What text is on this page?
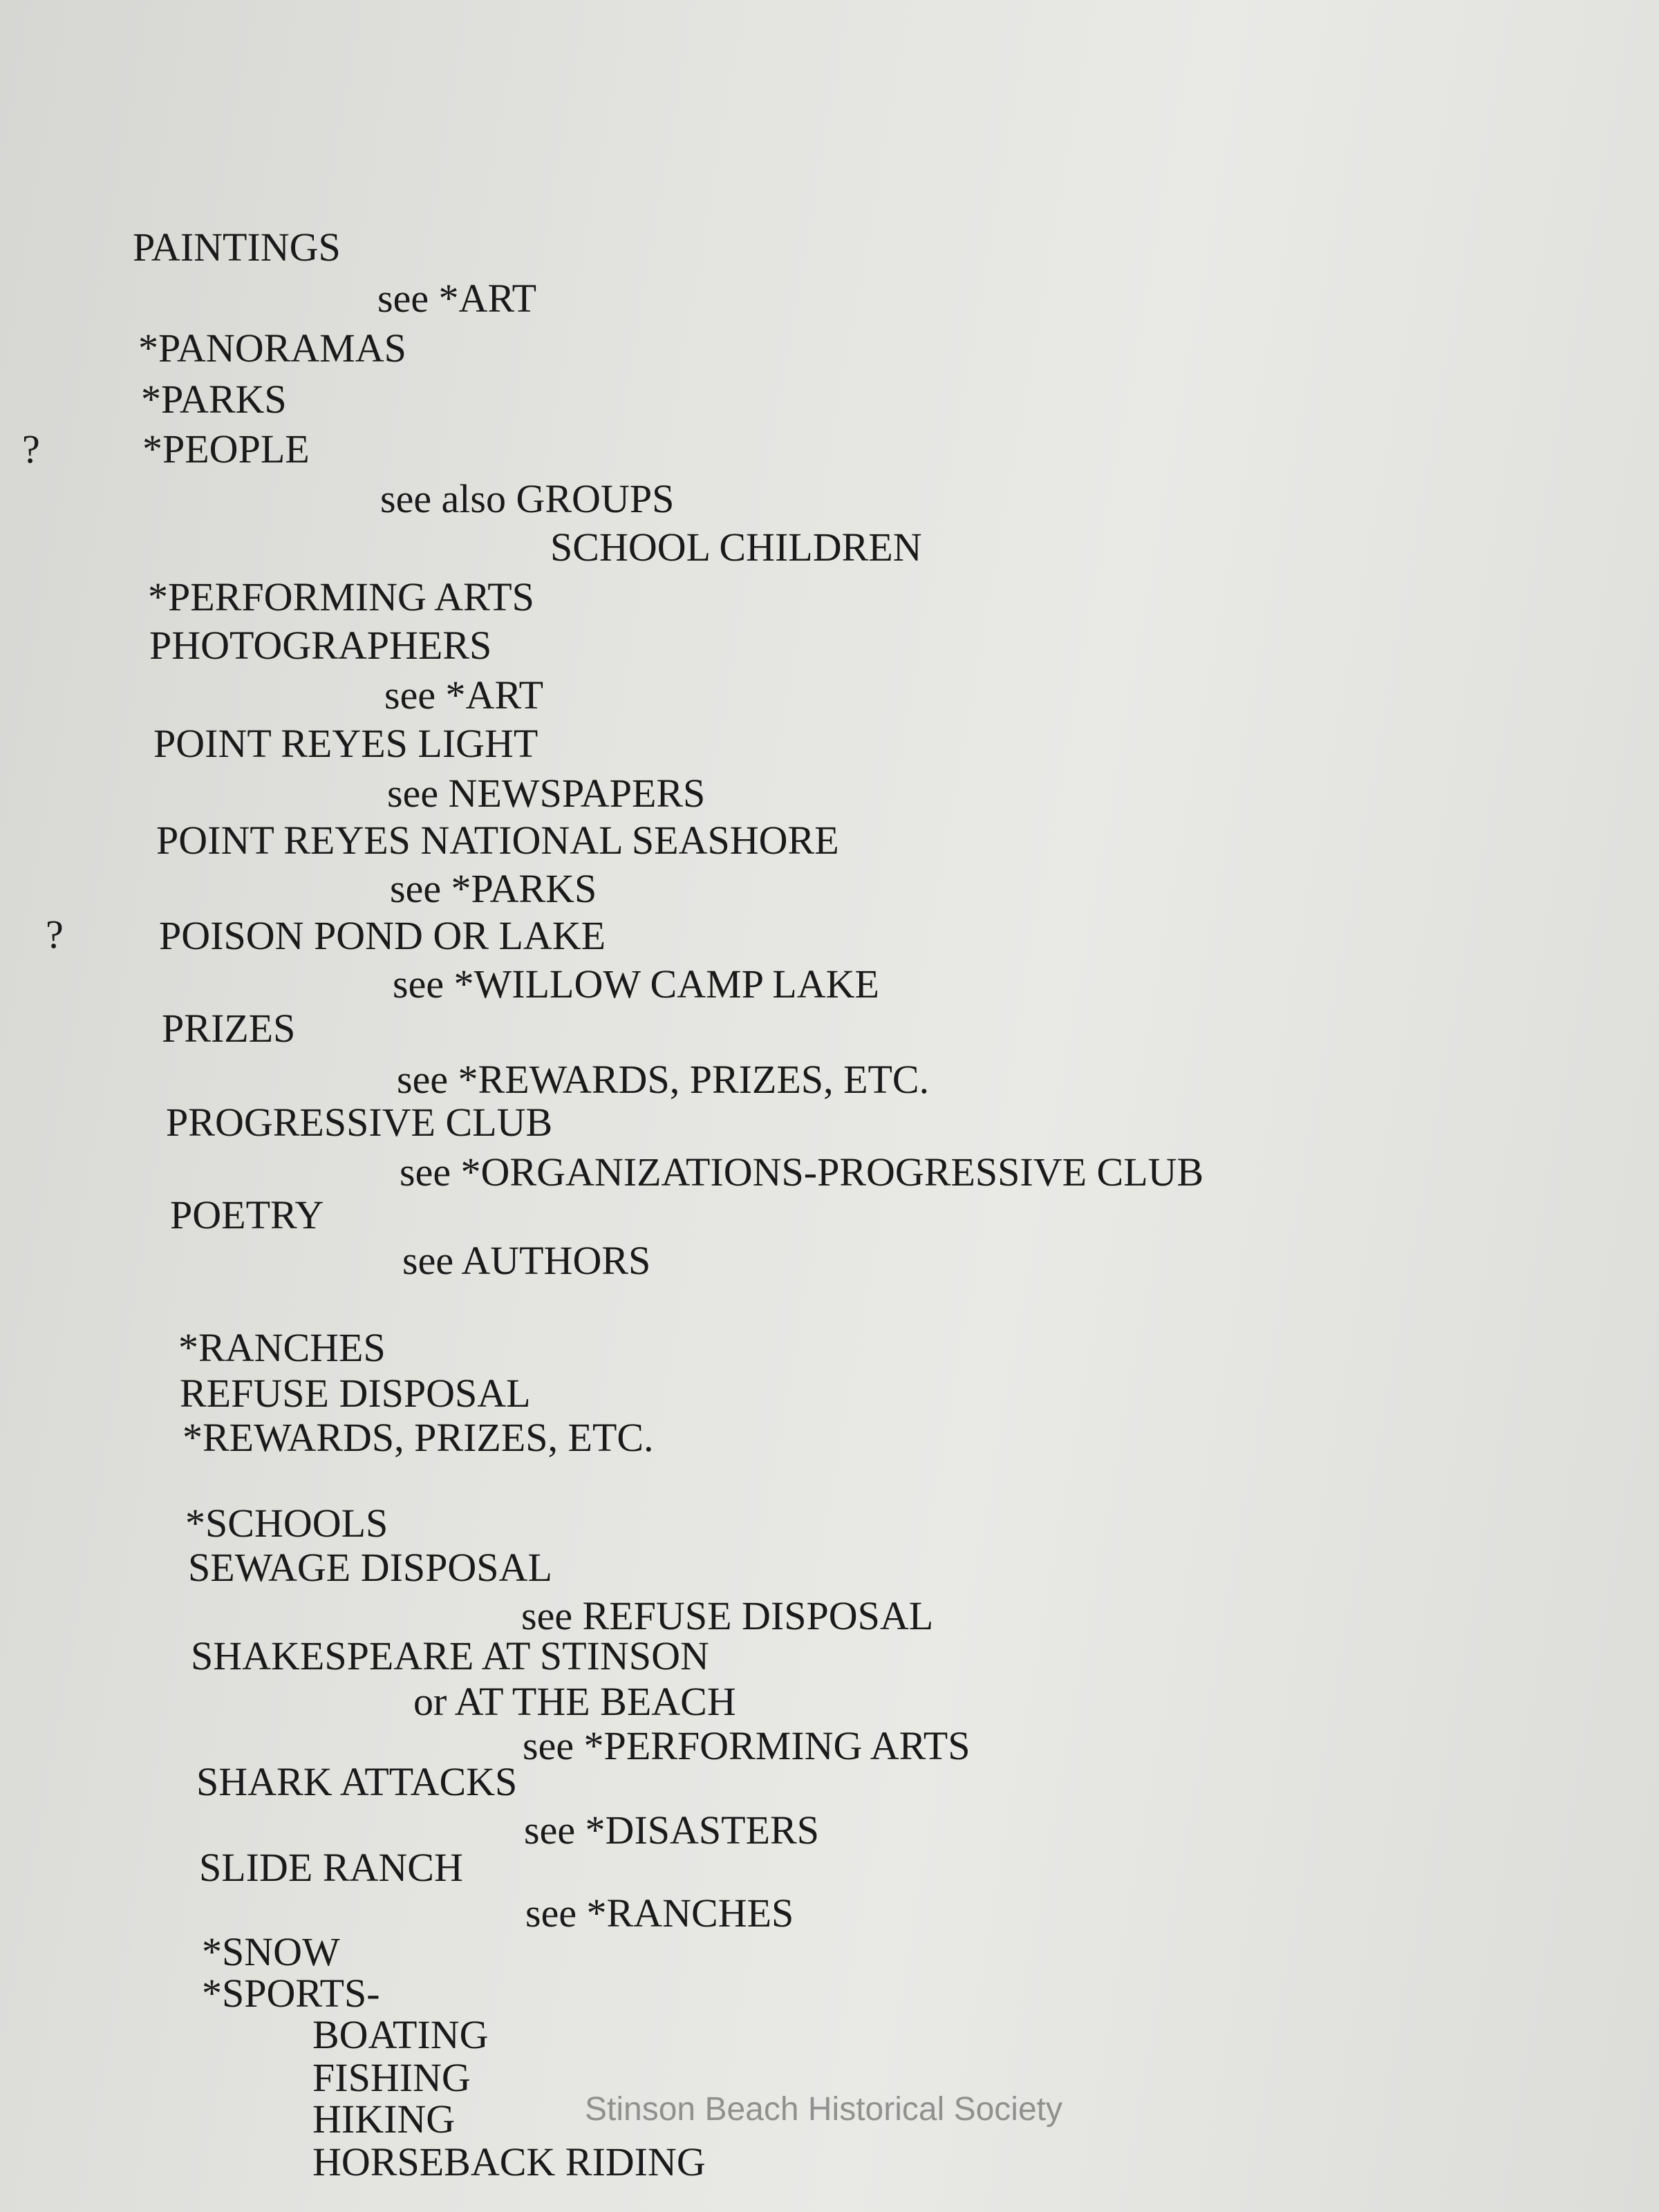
PAINTINGS
see *ART
*PANORAMAS
*PARKS
?	*PEOPLE
see also GROUPS
SCHOOL CHILDREN
*PERFORMING ARTS
PHOTOGRAPHERS
see *ART
POINT REYES LIGHT
see NEWSPAPERS
POINT REYES NATIONAL SEASHORE
see *PARKS
? POISON POND OR LAKE
see *WILLOW CAMP LAKE
PRIZES
see *REWARDS, PRIZES, ETC.
PROGRESSIVE CLUB
see *ORGANIZATIONS-PROGRESSIVE CLUB
POETRY
see AUTHORS
*RANCHES
REFUSE DISPOSAL
*REWARDS, PRIZES, ETC.
*SCHOOLS
SEWAGE DISPOSAL
see REFUSE DISPOSAL
SHAKESPEARE AT STINSON
or AT THE BEACH
see *PERFORMING ARTS
SHARK ATTACKS
see *DISASTERS
SLIDE RANCH
see *RANCHES
*SNOW
*SPORTS-
BOATING
FISHING
HIKING
HORSEBACK RIDING
Stinson Beach Historical Society
